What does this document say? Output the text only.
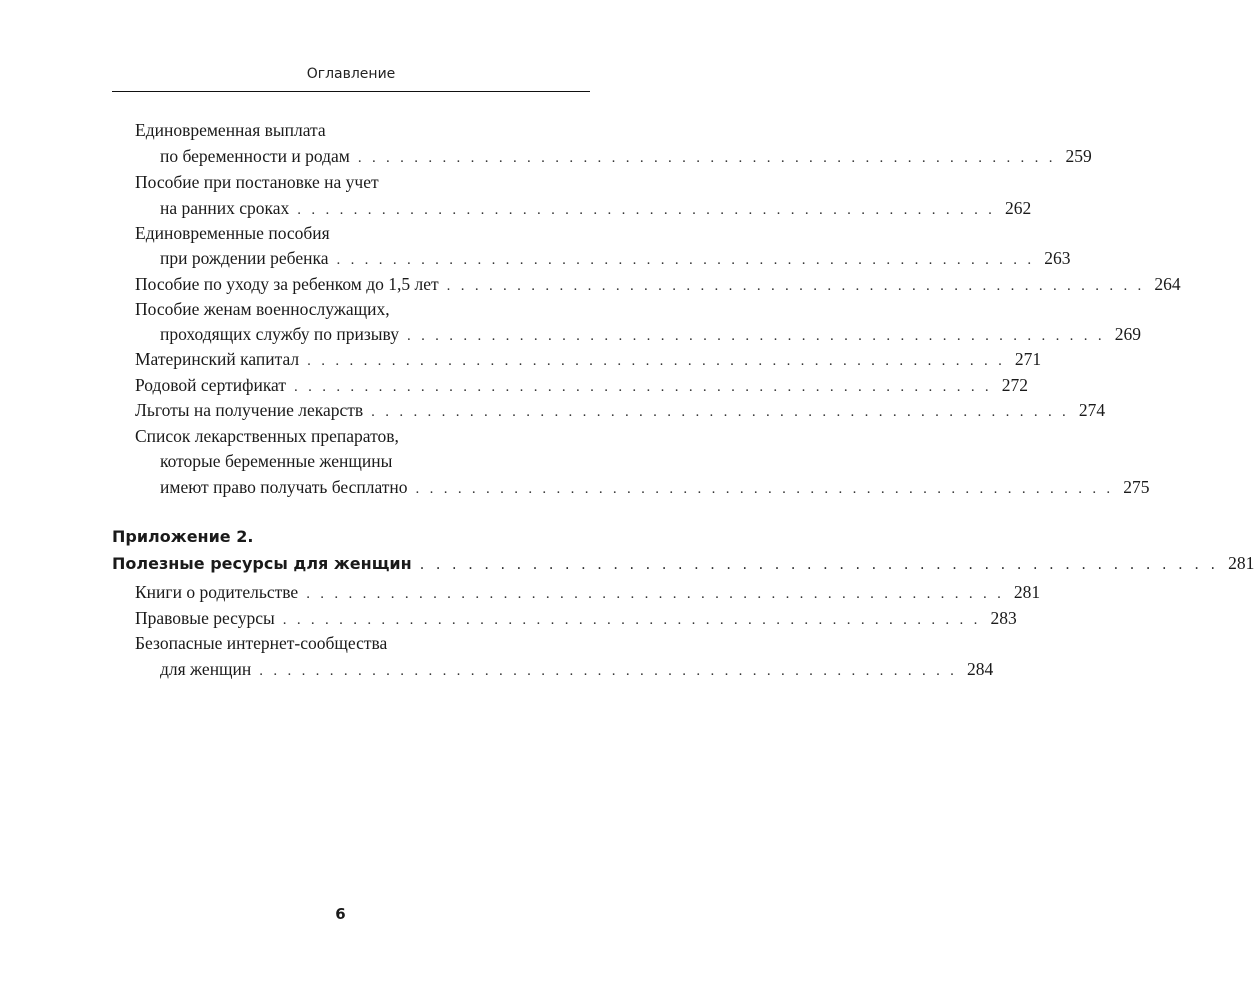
Оглавление
Единовременная выплата
по беременности и родам . . . . . . . . . . . . . . . . . . . . . . . . . . . . . . . . . . . . . . . . . . . . . . . . . . 259
Пособие при постановке на учет
на ранних сроках . . . . . . . . . . . . . . . . . . . . . . . . . . . . . . . . . . . . . . . . . . . . . . . . . . 262
Единовременные пособия
при рождении ребенка . . . . . . . . . . . . . . . . . . . . . . . . . . . . . . . . . . . . . . . . . . . . . . . . . . 263
Пособие по уходу за ребенком до 1,5 лет . . . . . . . . . . . . . . . . . . . . . . . . . . . . . . . . . . . . . . . . . . . . . . . . . . 264
Пособие женам военнослужащих,
проходящих службу по призыву . . . . . . . . . . . . . . . . . . . . . . . . . . . . . . . . . . . . . . . . . . . . . . . . . . 269
Материнский капитал . . . . . . . . . . . . . . . . . . . . . . . . . . . . . . . . . . . . . . . . . . . . . . . . . . 271
Родовой сертификат . . . . . . . . . . . . . . . . . . . . . . . . . . . . . . . . . . . . . . . . . . . . . . . . . . 272
Льготы на получение лекарств . . . . . . . . . . . . . . . . . . . . . . . . . . . . . . . . . . . . . . . . . . . . . . . . . . 274
Список лекарственных препаратов,
которые беременные женщины
имеют право получать бесплатно . . . . . . . . . . . . . . . . . . . . . . . . . . . . . . . . . . . . . . . . . . . . . . . . . . 275
Приложение 2.
Полезные ресурсы для женщин . . . . . . . . . . . . . . . . . . . . . . . . . . . . . . . . . . . . . . . . . . . . . . . . . . 281
Книги о родительстве . . . . . . . . . . . . . . . . . . . . . . . . . . . . . . . . . . . . . . . . . . . . . . . . . . 281
Правовые ресурсы . . . . . . . . . . . . . . . . . . . . . . . . . . . . . . . . . . . . . . . . . . . . . . . . . . 283
Безопасные интернет-сообщества
для женщин . . . . . . . . . . . . . . . . . . . . . . . . . . . . . . . . . . . . . . . . . . . . . . . . . . 284
6
